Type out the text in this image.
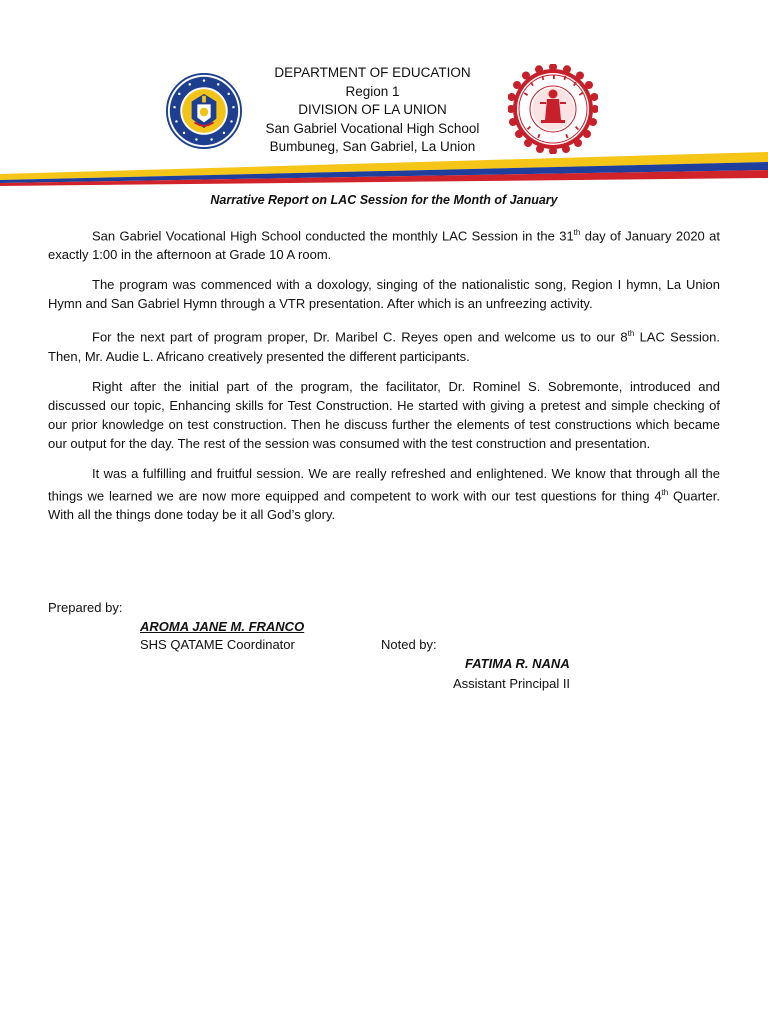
DEPARTMENT OF EDUCATION
Region 1
DIVISION OF LA UNION
San Gabriel Vocational High School
Bumbuneg, San Gabriel, La Union
Narrative Report on LAC Session for the Month of January

San Gabriel Vocational High School conducted the monthly LAC Session in the 31th day of January 2020 at exactly 1:00 in the afternoon at Grade 10 A room.

The program was commenced with a doxology, singing of the nationalistic song, Region I hymn, La Union Hymn and San Gabriel Hymn through a VTR presentation. After which is an unfreezing activity.

For the next part of program proper, Dr. Maribel C. Reyes open and welcome us to our 8th LAC Session. Then, Mr. Audie L. Africano creatively presented the different participants.

Right after the initial part of the program, the facilitator, Dr. Rominel S. Sobremonte, introduced and discussed our topic, Enhancing skills for Test Construction. He started with giving a pretest and simple checking of our prior knowledge on test construction. Then he discuss further the elements of test constructions which became our output for the day. The rest of the session was consumed with the test construction and presentation.

It was a fulfilling and fruitful session. We are really refreshed and enlightened. We know that through all the things we learned we are now more equipped and competent to work with our test questions for thing 4th Quarter. With all the things done today be it all God’s glory.

Prepared by:
AROMA JANE M. FRANCO
SHS QATAME Coordinator	Noted by:
FATIMA R. NANA
Assistant Principal II
